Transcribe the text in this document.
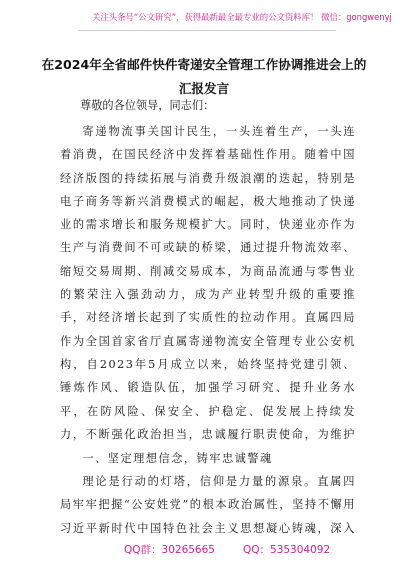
关注头条号“公文研究”，获得最新最全最专业的公文资料库！ 微信：gongwenyj
在2024年全省邮件快件寄递安全管理工作协调推进会上的
汇报发言
尊敬的各位领导，同志们：

寄递物流事关国计民生，一头连着生产，一头连着消费，在国民经济中发挥着基础性作用。随着中国经济版图的持续拓展与消费升级浪潮的迭起，特别是电子商务等新兴消费模式的崛起，极大地推动了快递业的需求增长和服务规模扩大。同时，快递业亦作为生产与消费间不可或缺的桥梁，通过提升物流效率、缩短交易周期、削减交易成本，为商品流通与零售业的繁荣注入强劲动力，成为产业转型升级的重要推手，对经济增长起到了实质性的拉动作用。直属四局作为全国首家省厅直属寄递物流安全管理专业公安机构，自2023年5月成立以来，始终坚持党建引领、锤炼作风、锻造队伍，加强学习研究、提升业务水平，在防风险、保安全、护稳定、促发展上持续发力，不断强化政治担当，忠诚履行职责使命，为维护

一、坚定理想信念，铸牢忠诚警魂

理论是行动的灯塔，信仰是力量的源泉。直属四局牢牢把握“公安姓党”的根本政治属性，坚持不懈用习近平新时代中国特色社会主义思想凝心铸魂，深入

QQ群：30265665	QQ：535304092
